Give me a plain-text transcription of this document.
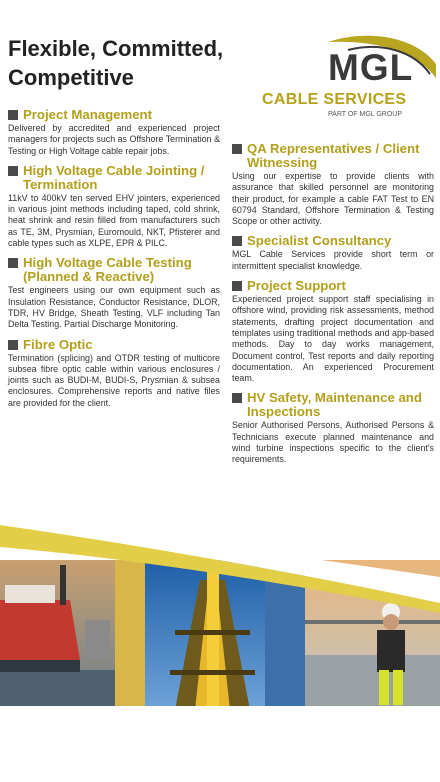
Flexible, Committed,
Competitive	MGL
CABLE SERVICES
PART OF MGL GROUP
Project Management

Delivered by accredited and experienced project managers for projects such as Offshore Termination & Testing or High Voltage cable repair jobs.

High Voltage Cable Jointing / Termination

11kV to 400kV ten served EHV jointers, experienced in various joint methods including taped, cold shrink, heat shrink and resin filled from manufacturers such as TE, 3M, Prysmian, Euromould, NKT, Pfisterer and cable types such as XLPE, EPR & PILC.

High Voltage Cable Testing (Planned & Reactive)

Test engineers using our own equipment such as Insulation Resistance, Conductor Resistance, DLOR, TDR, HV Bridge, Sheath Testing, VLF including Tan Delta Testing. Partial Discharge Monitoring.

Fibre Optic

Termination (splicing) and OTDR testing of multicore subsea fibre optic cable within various enclosures / joints such as BUDI-M, BUDI-S, Prysmian & subsea enclosures. Comprehensive reports and native files are provided for the client.

QA Representatives / Client Witnessing

Using our expertise to provide clients with assurance that skilled personnel are monitoring their product, for example a cable FAT Test to EN 60794 Standard, Offshore Termination & Testing Scope or other activity.

Specialist Consultancy

MGL Cable Services provide short term or intermittent specialist knowledge.

Project Support

Experienced project support staff specialising in offshore wind, providing risk assessments, method statements, drafting project documentation and templates using traditional methods and app-based methods. Day to day works management, Document control, Test reports and daily reporting documentation. An experienced Procurement team.

HV Safety, Maintenance and Inspections

Senior Authorised Persons, Authorised Persons & Technicians execute planned maintenance and wind turbine inspections specific to the client's requirements.
